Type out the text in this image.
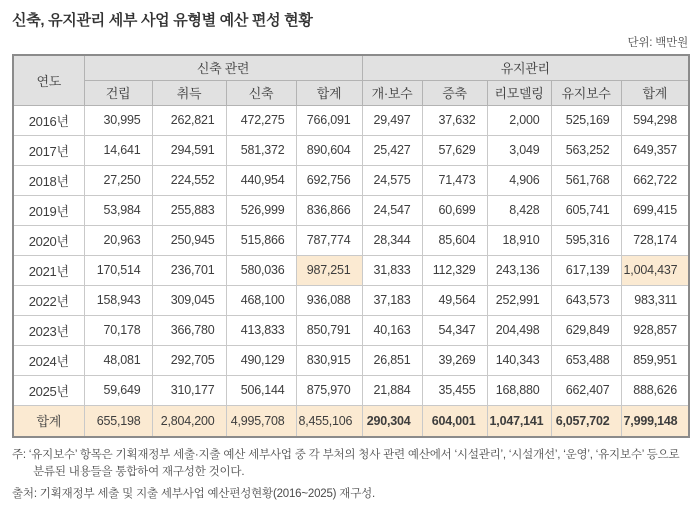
신축, 유지관리 세부 사업 유형별 예산 편성 현황
단위: 백만원
연도	신축 관련				유지관리				
	건립	취득	신축	합계	개·보수	증축	리모델링	유지보수	합계
2016년	30,995	262,821	472,275	766,091	29,497	37,632	2,000	525,169	594,298
2017년	14,641	294,591	581,372	890,604	25,427	57,629	3,049	563,252	649,357
2018년	27,250	224,552	440,954	692,756	24,575	71,473	4,906	561,768	662,722
2019년	53,984	255,883	526,999	836,866	24,547	60,699	8,428	605,741	699,415
2020년	20,963	250,945	515,866	787,774	28,344	85,604	18,910	595,316	728,174
2021년	170,514	236,701	580,036	987,251	31,833	112,329	243,136	617,139	1,004,437
2022년	158,943	309,045	468,100	936,088	37,183	49,564	252,991	643,573	983,311
2023년	70,178	366,780	413,833	850,791	40,163	54,347	204,498	629,849	928,857
2024년	48,081	292,705	490,129	830,915	26,851	39,269	140,343	653,488	859,951
2025년	59,649	310,177	506,144	875,970	21,884	35,455	168,880	662,407	888,626
합계	655,198	2,804,200	4,995,708	8,455,106	290,304	604,001	1,047,141	6,057,702	7,999,148

주: ‘유지보수’ 항목은 기획재정부 세출·지출 예산 세부사업 중 각 부처의 청사 관련 예산에서 ‘시설관리’, ‘시설개선’, ‘운영’, ‘유지보수’ 등으로 분류된 내용들을 통합하여 재구성한 것이다.

출처: 기획재정부 세출 및 지출 세부사업 예산편성현황(2016~2025) 재구성.
